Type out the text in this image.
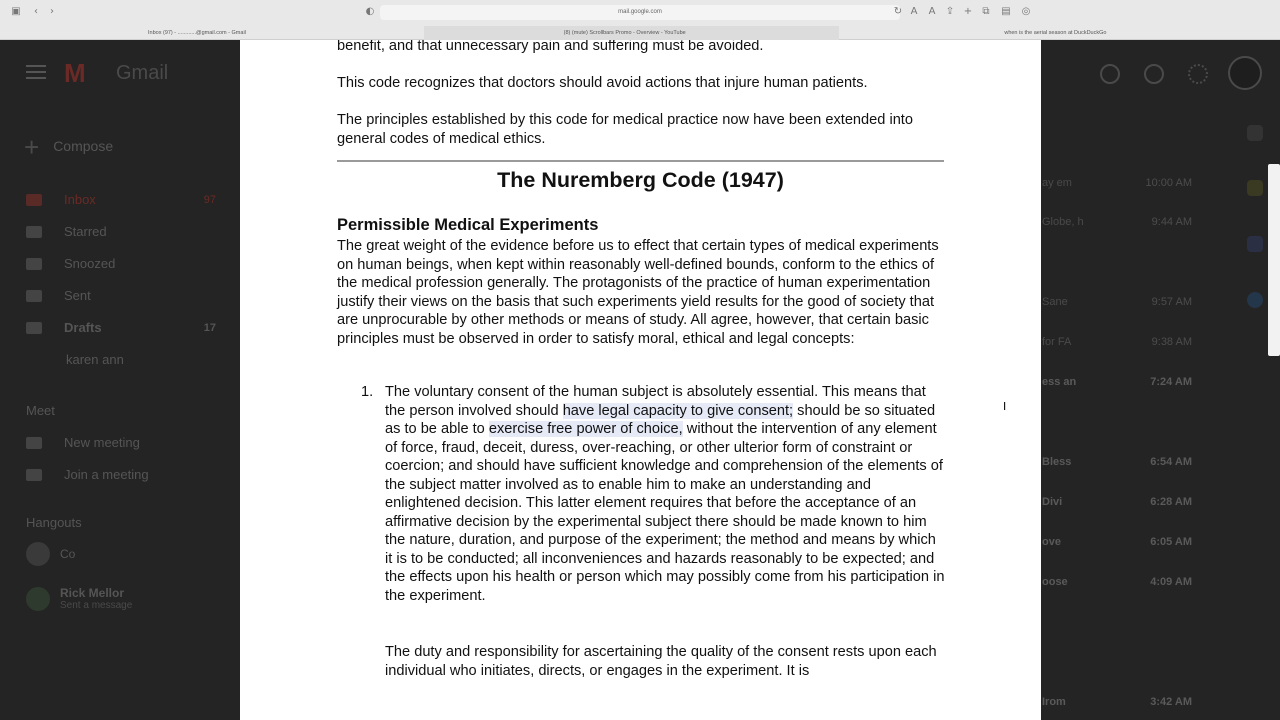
▣	‹	›	◐	mail.google.com	↻ A A ⇪ + ⧉ ▤ ◎
Inbox (97) - ............@gmail.com - Gmail	(8) (mute) Scrollbars Promo - Overview - YouTube	when is the aerial season at DuckDuckGo
M Gmail
+ Compose
Inbox	97
Starred
Snoozed
Sent
Drafts	17
karen ann
Meet
New meeting
Join a meeting
Hangouts
Co
Rick Mellor
Sent a message
ay em	10:00 AM
Globe, h	9:44 AM
Sane	9:57 AM
for FA	9:38 AM
ess an	7:24 AM
Bless	6:54 AM
Divi	6:28 AM
ove	6:05 AM
oose	4:09 AM
Irom	3:42 AM
benefit, and that unnecessary pain and suffering must be avoided.
This code recognizes that doctors should avoid actions that injure human patients.
The principles established by this code for medical practice now have been extended into general codes of medical ethics.
The Nuremberg Code (1947)
Permissible Medical Experiments
The great weight of the evidence before us to effect that certain types of medical experiments on human beings, when kept within reasonably well-defined bounds, conform to the ethics of the medical profession generally. The protagonists of the practice of human experimentation justify their views on the basis that such experiments yield results for the good of society that are unprocurable by other methods or means of study. All agree, however, that certain basic principles must be observed in order to satisfy moral, ethical and legal concepts:
1. The voluntary consent of the human subject is absolutely essential. This means that the person involved should have legal capacity to give consent; should be so situated as to be able to exercise free power of choice, without the intervention of any element of force, fraud, deceit, duress, over-reaching, or other ulterior form of constraint or coercion; and should have sufficient knowledge and comprehension of the elements of the subject matter involved as to enable him to make an understanding and enlightened decision. This latter element requires that before the acceptance of an affirmative decision by the experimental subject there should be made known to him the nature, duration, and purpose of the experiment; the method and means by which it is to be conducted; all inconveniences and hazards reasonably to be expected; and the effects upon his health or person which may possibly come from his participation in the experiment.
The duty and responsibility for ascertaining the quality of the consent rests upon each individual who initiates, directs, or engages in the experiment. It is
I
